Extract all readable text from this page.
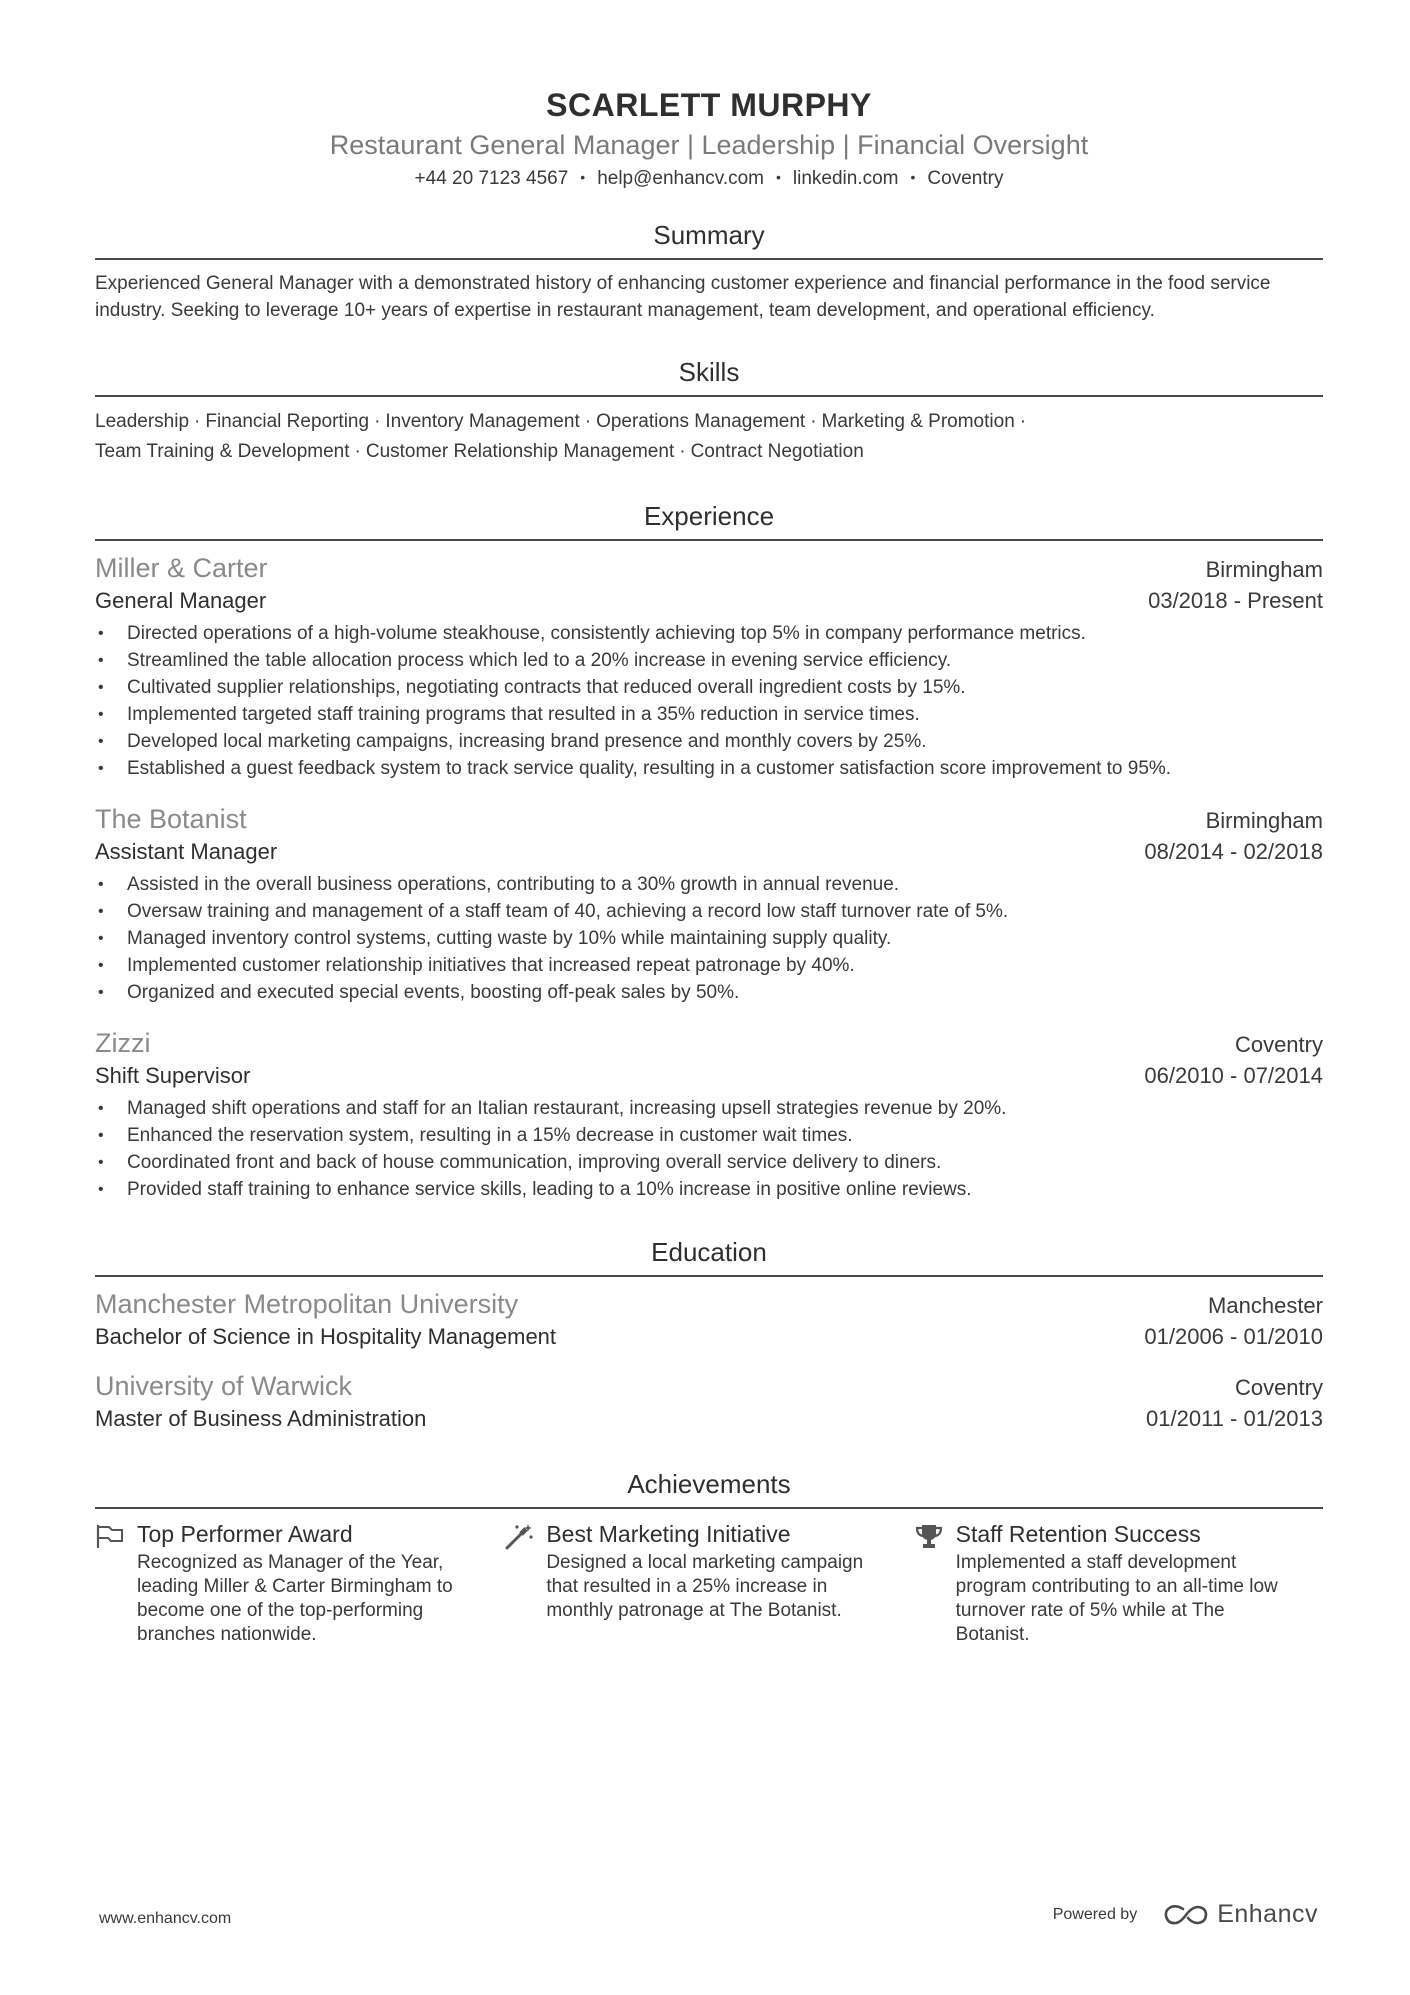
SCARLETT MURPHY
Restaurant General Manager | Leadership | Financial Oversight
+44 20 7123 4567 • help@enhancv.com • linkedin.com • Coventry
Summary
Experienced General Manager with a demonstrated history of enhancing customer experience and financial performance in the food service industry. Seeking to leverage 10+ years of expertise in restaurant management, team development, and operational efficiency.
Skills
Leadership · Financial Reporting · Inventory Management · Operations Management · Marketing & Promotion ·
Team Training & Development · Customer Relationship Management · Contract Negotiation
Experience
Miller & Carter	Birmingham
General Manager	03/2018 - Present
• Directed operations of a high-volume steakhouse, consistently achieving top 5% in company performance metrics.
• Streamlined the table allocation process which led to a 20% increase in evening service efficiency.
• Cultivated supplier relationships, negotiating contracts that reduced overall ingredient costs by 15%.
• Implemented targeted staff training programs that resulted in a 35% reduction in service times.
• Developed local marketing campaigns, increasing brand presence and monthly covers by 25%.
• Established a guest feedback system to track service quality, resulting in a customer satisfaction score improvement to 95%.
The Botanist	Birmingham
Assistant Manager	08/2014 - 02/2018
• Assisted in the overall business operations, contributing to a 30% growth in annual revenue.
• Oversaw training and management of a staff team of 40, achieving a record low staff turnover rate of 5%.
• Managed inventory control systems, cutting waste by 10% while maintaining supply quality.
• Implemented customer relationship initiatives that increased repeat patronage by 40%.
• Organized and executed special events, boosting off-peak sales by 50%.
Zizzi	Coventry
Shift Supervisor	06/2010 - 07/2014
• Managed shift operations and staff for an Italian restaurant, increasing upsell strategies revenue by 20%.
• Enhanced the reservation system, resulting in a 15% decrease in customer wait times.
• Coordinated front and back of house communication, improving overall service delivery to diners.
• Provided staff training to enhance service skills, leading to a 10% increase in positive online reviews.
Education
Manchester Metropolitan University	Manchester
Bachelor of Science in Hospitality Management	01/2006 - 01/2010
University of Warwick	Coventry
Master of Business Administration	01/2011 - 01/2013
Achievements
Top Performer Award
Recognized as Manager of the Year, leading Miller & Carter Birmingham to become one of the top-performing branches nationwide.
Best Marketing Initiative
Designed a local marketing campaign that resulted in a 25% increase in monthly patronage at The Botanist.
Staff Retention Success
Implemented a staff development program contributing to an all-time low turnover rate of 5% while at The Botanist.
www.enhancv.com	Powered by	Enhancv
